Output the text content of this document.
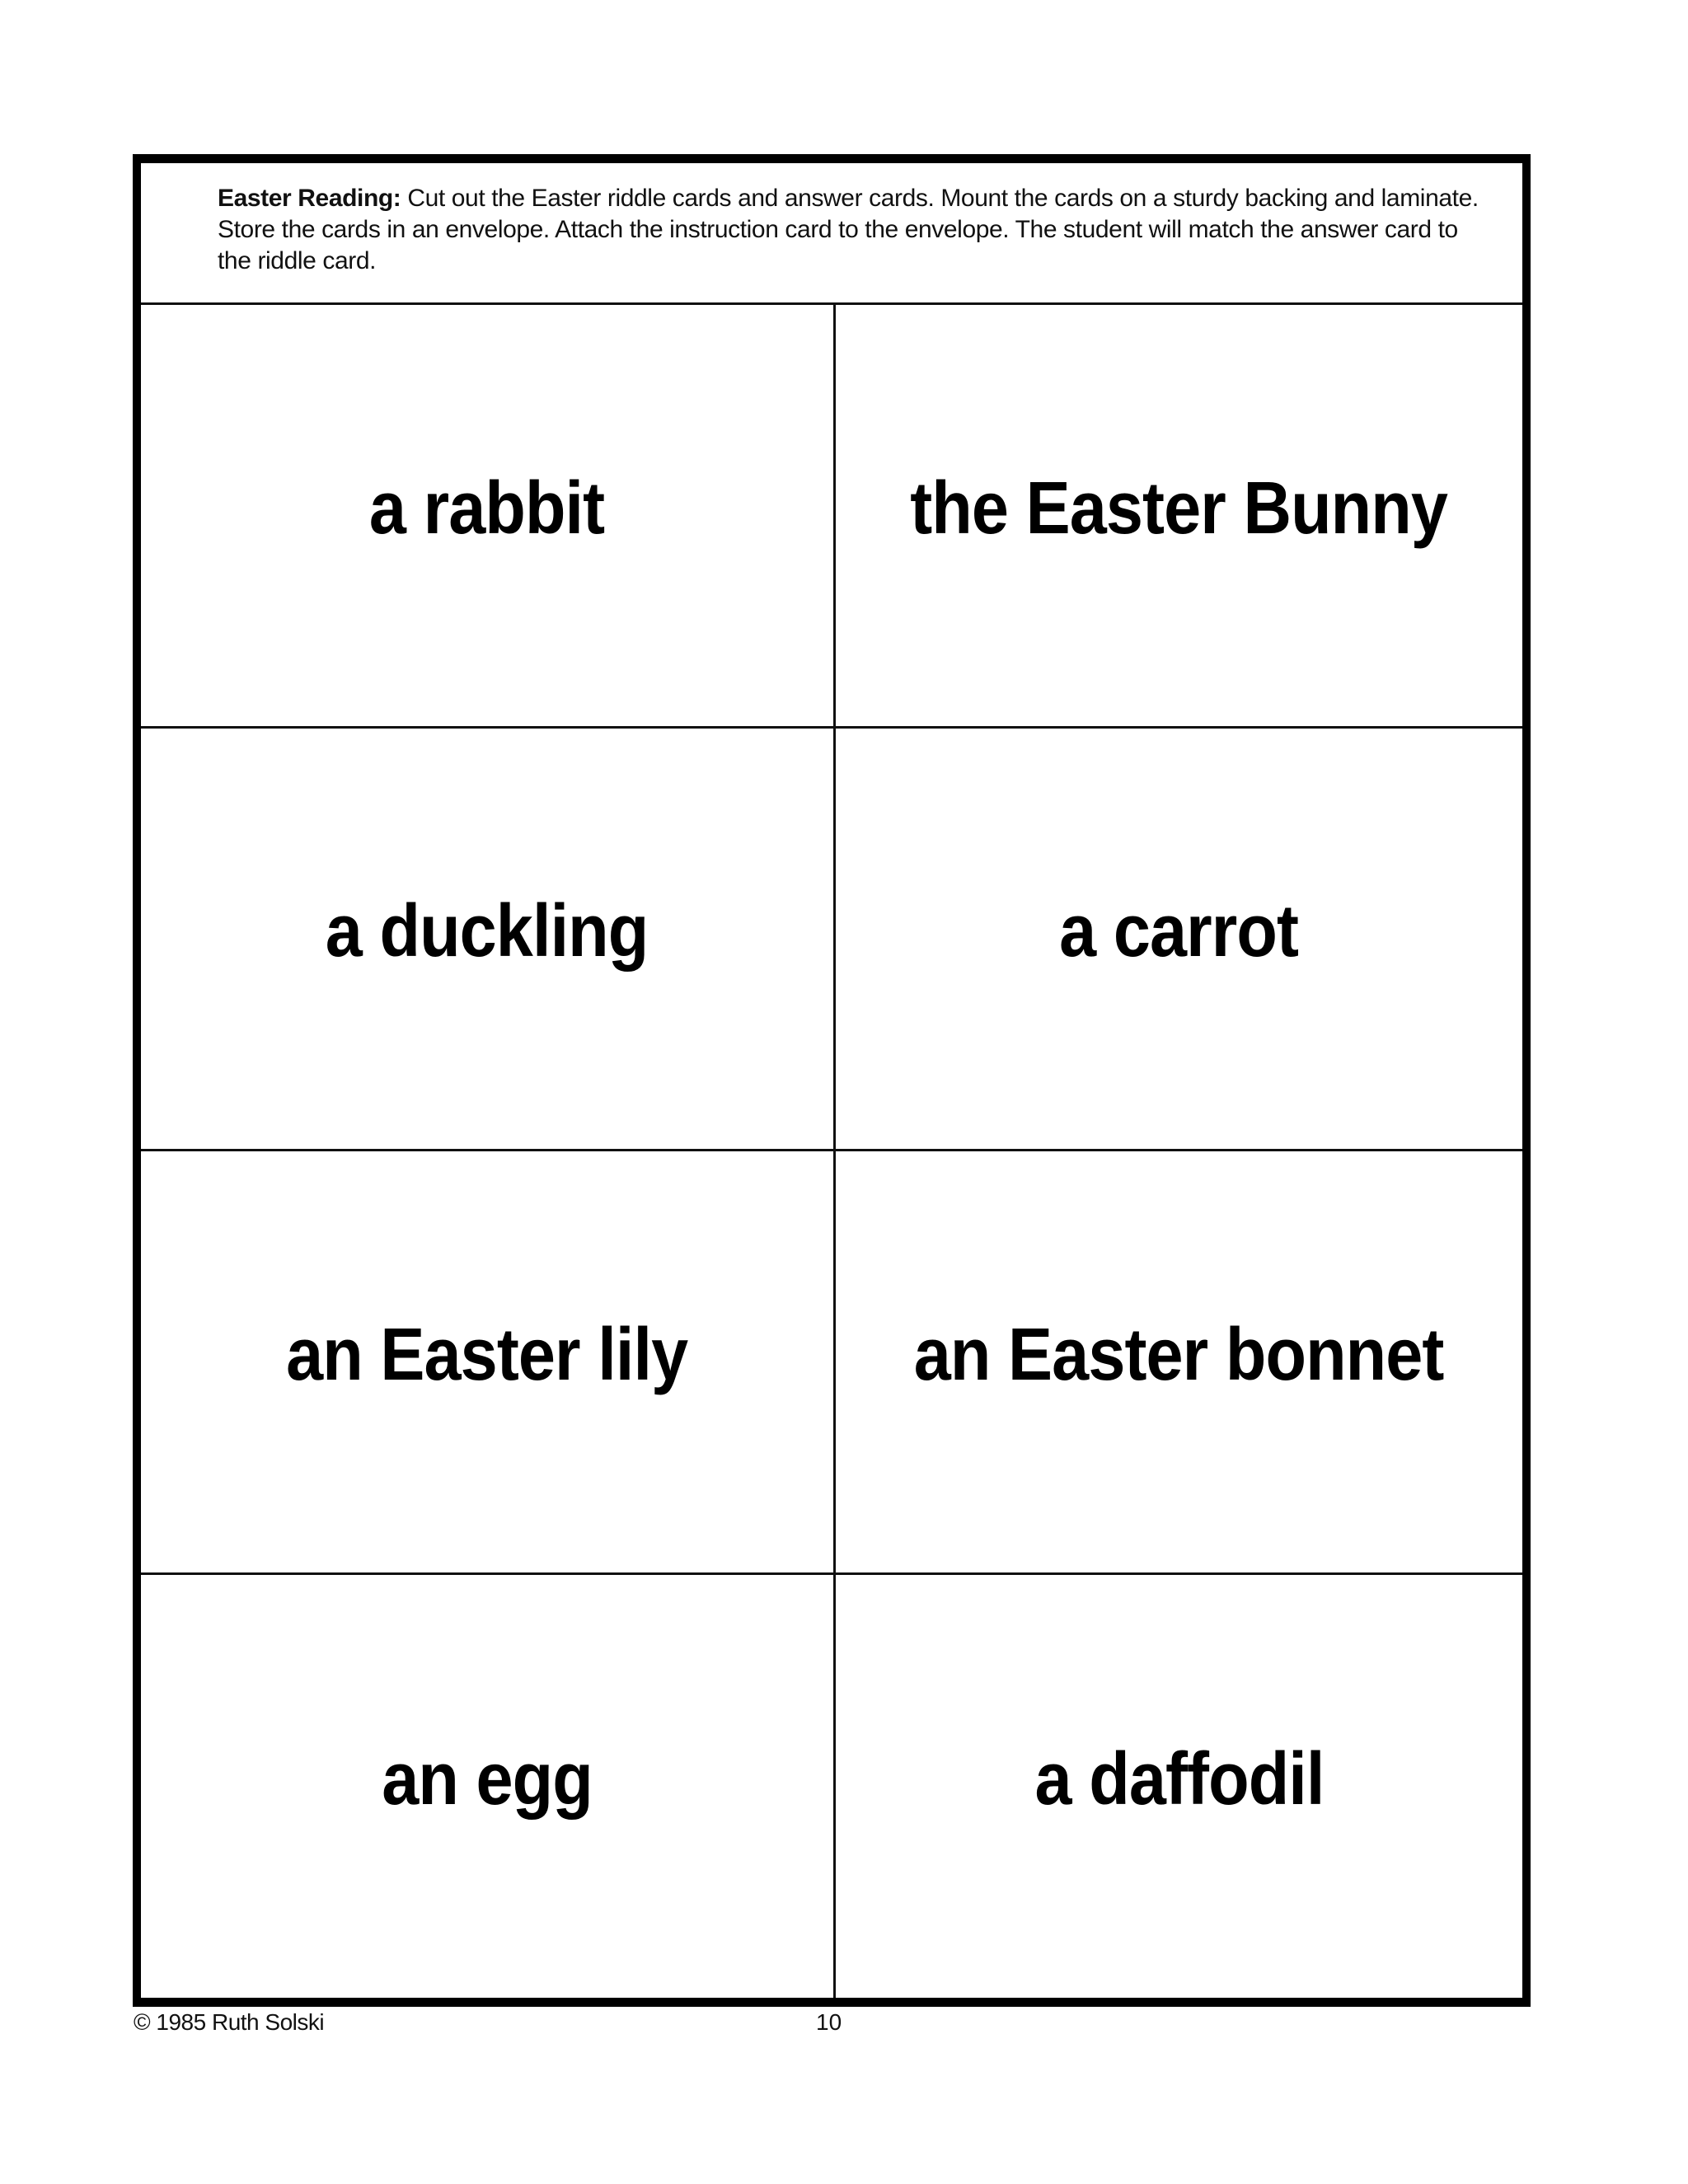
Easter Reading: Cut out the Easter riddle cards and answer cards. Mount the cards on a sturdy backing and laminate. Store the cards in an envelope. Attach the instruction card to the envelope. The student will match the answer card to the riddle card.
a rabbit	the Easter Bunny
a duckling	a carrot
an Easter lily	an Easter bonnet
an egg	a daffodil
© 1985 Ruth Solski	10
